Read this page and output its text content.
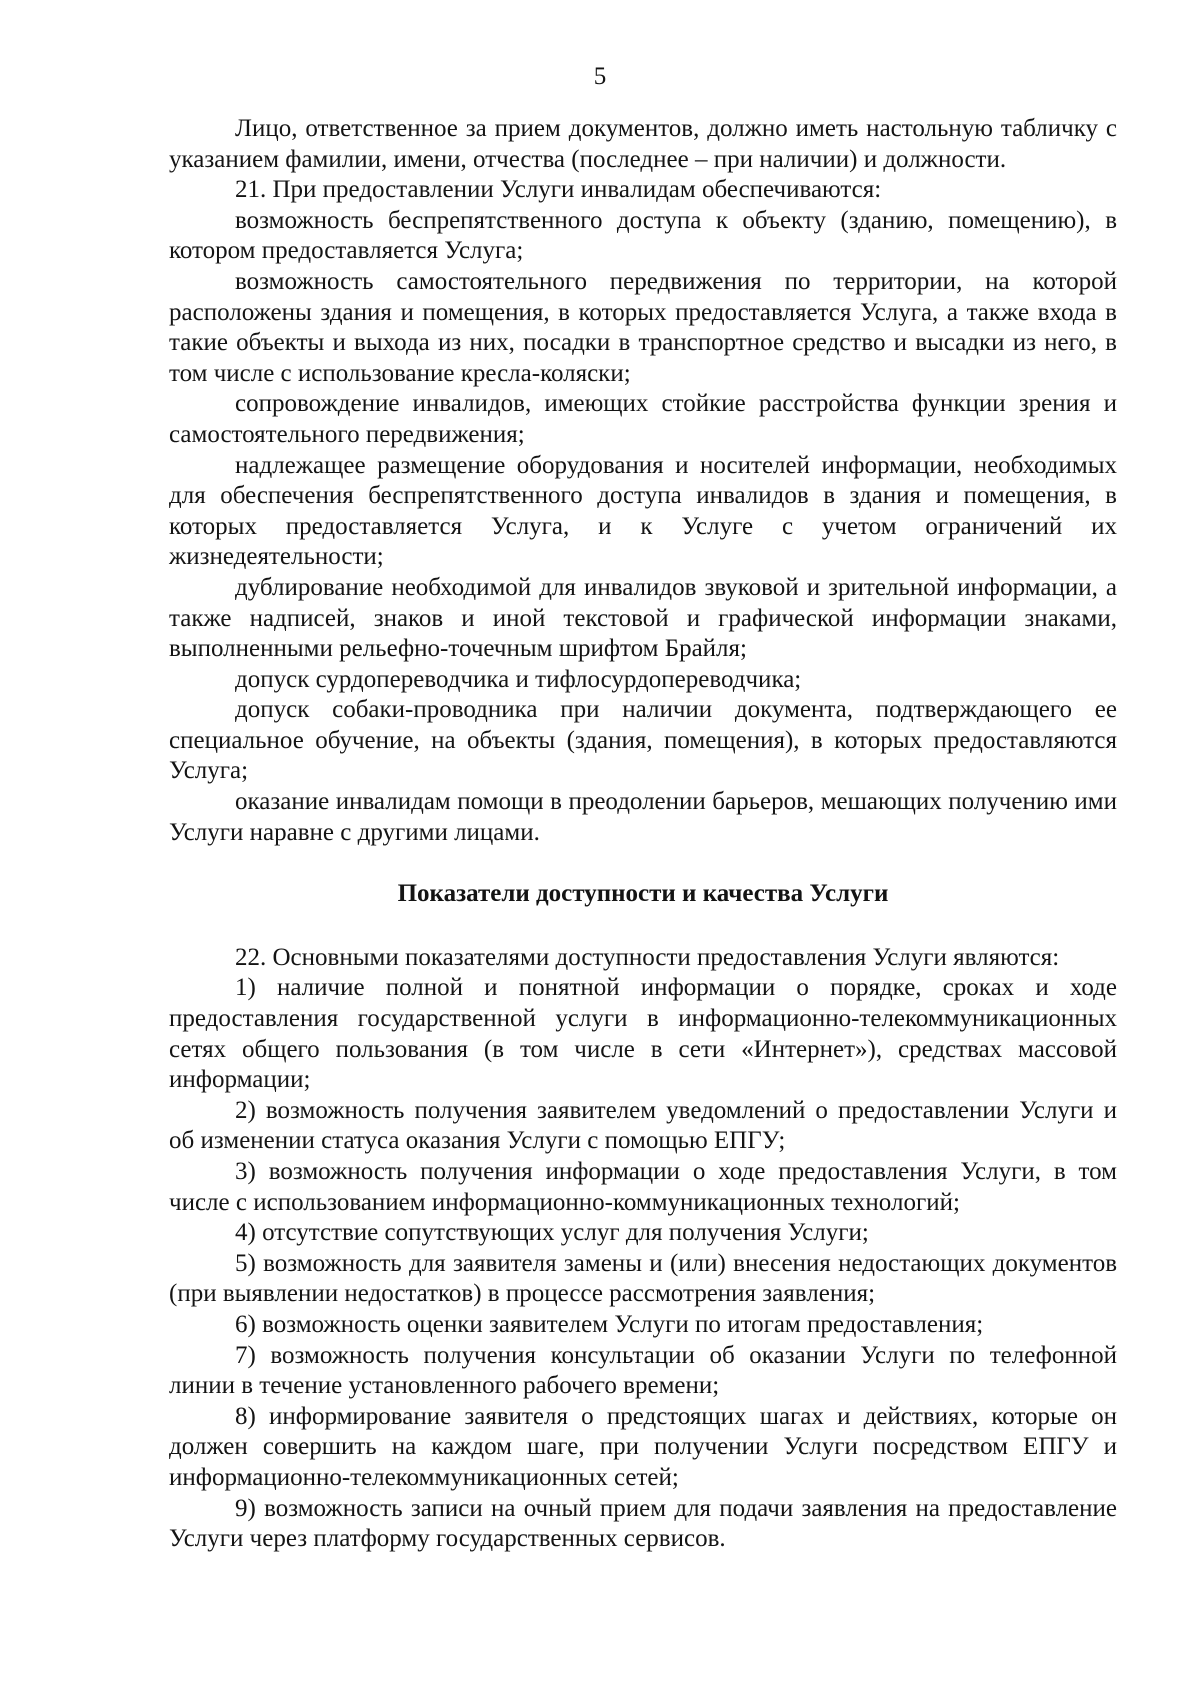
5

Лицо, ответственное за прием документов, должно иметь настольную табличку с указанием фамилии, имени, отчества (последнее – при наличии) и должности.

21. При предоставлении Услуги инвалидам обеспечиваются:

возможность беспрепятственного доступа к объекту (зданию, помещению), в котором предоставляется Услуга;

возможность самостоятельного передвижения по территории, на которой расположены здания и помещения, в которых предоставляется Услуга, а также входа в такие объекты и выхода из них, посадки в транспортное средство и высадки из него, в том числе с использование кресла-коляски;

сопровождение инвалидов, имеющих стойкие расстройства функции зрения и самостоятельного передвижения;

надлежащее размещение оборудования и носителей информации, необходимых для обеспечения беспрепятственного доступа инвалидов в здания и помещения, в которых предоставляется Услуга, и к Услуге с учетом ограничений их жизнедеятельности;

дублирование необходимой для инвалидов звуковой и зрительной информации, а также надписей, знаков и иной текстовой и графической информации знаками, выполненными рельефно-точечным шрифтом Брайля;

допуск сурдопереводчика и тифлосурдопереводчика;

допуск собаки-проводника при наличии документа, подтверждающего ее специальное обучение, на объекты (здания, помещения), в которых предоставляются Услуга;

оказание инвалидам помощи в преодолении барьеров, мешающих получению ими Услуги наравне с другими лицами.

Показатели доступности и качества Услуги

22. Основными показателями доступности предоставления Услуги являются:

1) наличие полной и понятной информации о порядке, сроках и ходе предоставления государственной услуги в информационно-телекоммуникационных сетях общего пользования (в том числе в сети «Интернет»), средствах массовой информации;

2) возможность получения заявителем уведомлений о предоставлении Услуги и об изменении статуса оказания Услуги с помощью ЕПГУ;

3) возможность получения информации о ходе предоставления Услуги, в том числе с использованием информационно-коммуникационных технологий;

4) отсутствие сопутствующих услуг для получения Услуги;

5) возможность для заявителя замены и (или) внесения недостающих документов (при выявлении недостатков) в процессе рассмотрения заявления;

6) возможность оценки заявителем Услуги по итогам предоставления;

7) возможность получения консультации об оказании Услуги по телефонной линии в течение установленного рабочего времени;

8) информирование заявителя о предстоящих шагах и действиях, которые он должен совершить на каждом шаге, при получении Услуги посредством ЕПГУ и информационно-телекоммуникационных сетей;

9) возможность записи на очный прием для подачи заявления на предоставление Услуги через платформу государственных сервисов.
